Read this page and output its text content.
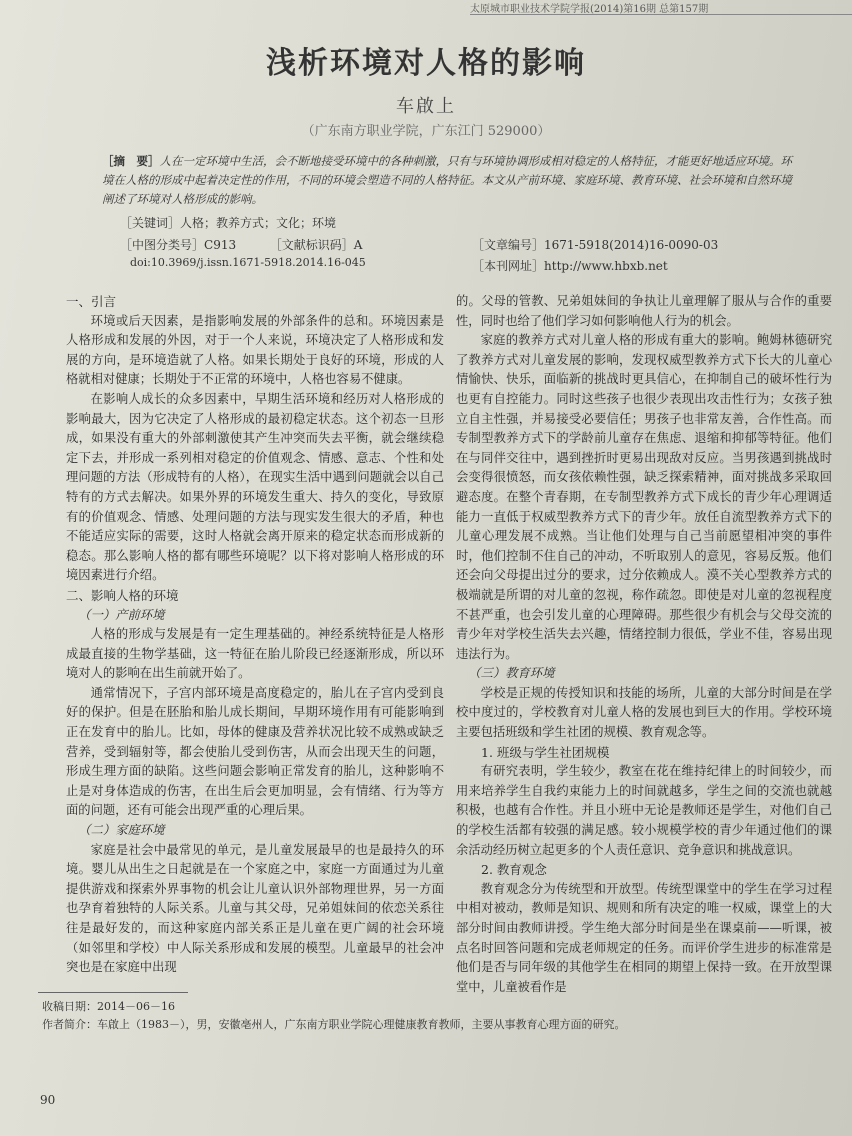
太原城市职业技术学院学报(2014)第16期 总第157期
浅析环境对人格的影响
车啟上
（广东南方职业学院，广东江门 529000）
［摘　要］人在一定环境中生活，会不断地接受环境中的各种刺激，只有与环境协调形成相对稳定的人格特征，才能更好地适应环境。环境在人格的形成中起着决定性的作用，不同的环境会塑造不同的人格特征。本文从产前环境、家庭环境、教育环境、社会环境和自然环境阐述了环境对人格形成的影响。
［关键词］人格；教养方式；文化；环境
［中图分类号］C913	［文献标识码］A	［文章编号］1671-5918(2014)16-0090-03
doi:10.3969/j.issn.1671-5918.2014.16-045	［本刊网址］http://www.hbxb.net
一、引言

环境或后天因素，是指影响发展的外部条件的总和。环境因素是人格形成和发展的外因，对于一个人来说，环境决定了人格形成和发展的方向，是环境造就了人格。如果长期处于良好的环境，形成的人格就相对健康；长期处于不正常的环境中，人格也容易不健康。

在影响人成长的众多因素中，早期生活环境和经历对人格形成的影响最大，因为它决定了人格形成的最初稳定状态。这个初态一旦形成，如果没有重大的外部刺激使其产生冲突而失去平衡，就会继续稳定下去，并形成一系列相对稳定的价值观念、情感、意志、个性和处理问题的方法（形成特有的人格），在现实生活中遇到问题就会以自己特有的方式去解决。如果外界的环境发生重大、持久的变化，导致原有的价值观念、情感、处理问题的方法与现实发生很大的矛盾，种也不能适应实际的需要，这时人格就会离开原来的稳定状态而形成新的稳态。那么影响人格的都有哪些环境呢？以下将对影响人格形成的环境因素进行介绍。

二、影响人格的环境
（一）产前环境

人格的形成与发展是有一定生理基础的。神经系统特征是人格形成最直接的生物学基础，这一特征在胎儿阶段已经逐渐形成，所以环境对人的影响在出生前就开始了。

通常情况下，子宫内部环境是高度稳定的，胎儿在子宫内受到良好的保护。但是在胚胎和胎儿成长期间，早期环境作用有可能影响到正在发育中的胎儿。比如，母体的健康及营养状况比较不成熟或缺乏营养，受到辐射等，都会使胎儿受到伤害，从而会出现天生的问题，形成生理方面的缺陷。这些问题会影响正常发育的胎儿，这种影响不止是对身体造成的伤害，在出生后会更加明显，会有情绪、行为等方面的问题，还有可能会出现严重的心理后果。

（二）家庭环境

家庭是社会中最常见的单元，是儿童发展最早的也是最持久的环境。婴儿从出生之日起就是在一个家庭之中，家庭一方面通过为儿童提供游戏和探索外界事物的机会让儿童认识外部物理世界，另一方面也孕育着独特的人际关系。儿童与其父母，兄弟姐妹间的依恋关系往往是最好发的，而这种家庭内部关系正是儿童在更广阔的社会环境（如邻里和学校）中人际关系形成和发展的模型。儿童最早的社会冲突也是在家庭中出现

的。父母的管教、兄弟姐妹间的争执让儿童理解了服从与合作的重要性，同时也给了他们学习如何影响他人行为的机会。

家庭的教养方式对儿童人格的形成有重大的影响。鲍姆林德研究了教养方式对儿童发展的影响，发现权威型教养方式下长大的儿童心情愉快、快乐，面临新的挑战时更具信心，在抑制自己的破坏性行为也更有自控能力。同时这些孩子也很少表现出攻击性行为；女孩子独立自主性强，并易接受必要信任；男孩子也非常友善，合作性高。而专制型教养方式下的学龄前儿童存在焦虑、退缩和抑郁等特征。他们在与同伴交往中，遇到挫折时更易出现敌对反应。当男孩遇到挑战时会变得很愤怒，而女孩依赖性强，缺乏探索精神，面对挑战多采取回避态度。在整个青春期，在专制型教养方式下成长的青少年心理调适能力一直低于权威型教养方式下的青少年。放任自流型教养方式下的儿童心理发展不成熟。当让他们处理与自己当前愿望相冲突的事件时，他们控制不住自己的冲动，不听取别人的意见，容易反叛。他们还会向父母提出过分的要求，过分依赖成人。漠不关心型教养方式的极端就是所谓的对儿童的忽视，称作疏忽。即使是对儿童的忽视程度不甚严重，也会引发儿童的心理障碍。那些很少有机会与父母交流的青少年对学校生活失去兴趣，情绪控制力很低，学业不佳，容易出现违法行为。

（三）教育环境

学校是正规的传授知识和技能的场所，儿童的大部分时间是在学校中度过的，学校教育对儿童人格的发展也到巨大的作用。学校环境主要包括班级和学生社团的规模、教育观念等。

1. 班级与学生社团规模

有研究表明，学生较少，教室在花在维持纪律上的时间较少，而用来培养学生自我约束能力上的时间就越多，学生之间的交流也就越积极，也越有合作性。并且小班中无论是教师还是学生，对他们自己的学校生活都有较强的满足感。较小规模学校的青少年通过他们的课余活动经历树立起更多的个人责任意识、竞争意识和挑战意识。

2. 教育观念

教育观念分为传统型和开放型。传统型课堂中的学生在学习过程中相对被动，教师是知识、规则和所有决定的唯一权威，课堂上的大部分时间由教师讲授。学生绝大部分时间是坐在课桌前——听课，被点名时回答问题和完成老师规定的任务。而评价学生进步的标准常是他们是否与同年级的其他学生在相同的期望上保持一致。在开放型课堂中，儿童被看作是

收稿日期：2014－06－16
作者简介：车啟上（1983－），男，安徽亳州人，广东南方职业学院心理健康教育教师，主要从事教育心理方面的研究。
90
